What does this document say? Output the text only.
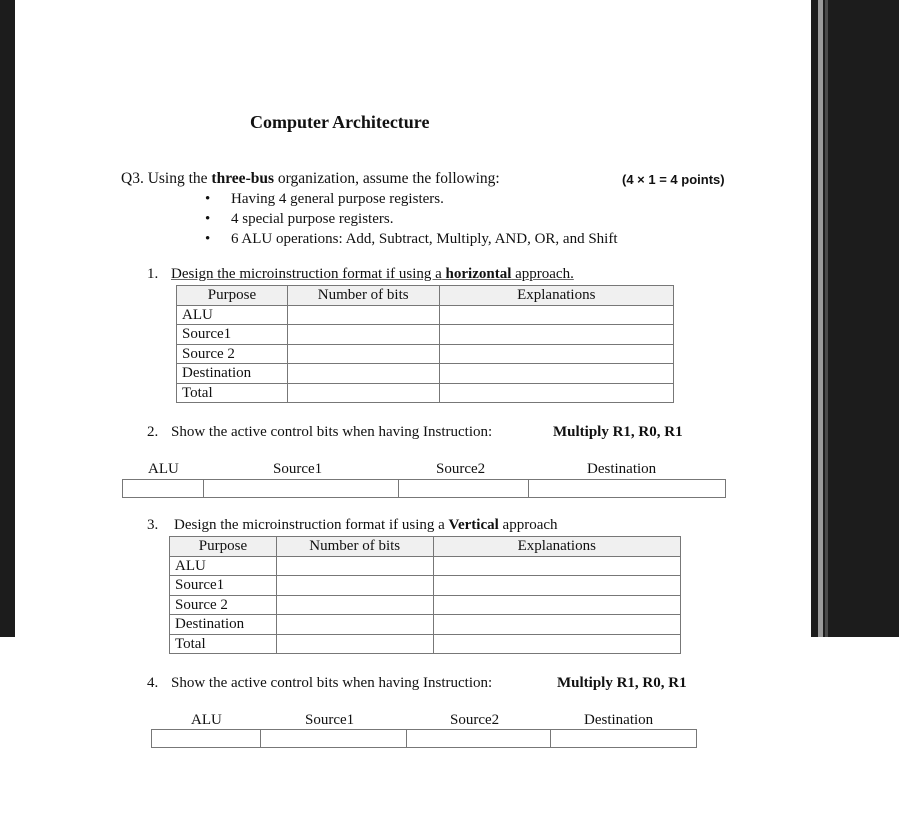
Computer Architecture
Q3. Using the three-bus organization, assume the following:	(4 × 1 = 4 points)
• Having 4 general purpose registers.
• 4 special purpose registers.
• 6 ALU operations: Add, Subtract, Multiply, AND, OR, and Shift
1. Design the microinstruction format if using a horizontal approach.
Purpose	Number of bits	Explanations
ALU		
Source1		
Source 2		
Destination		
Total		
2. Show the active control bits when having Instruction:	Multiply R1, R0, R1
ALU	Source1	Source2	Destination

3. Design the microinstruction format if using a Vertical approach
Purpose	Number of bits	Explanations
ALU		
Source1		
Source 2		
Destination		
Total		
4. Show the active control bits when having Instruction:	Multiply R1, R0, R1
ALU	Source1	Source2	Destination
